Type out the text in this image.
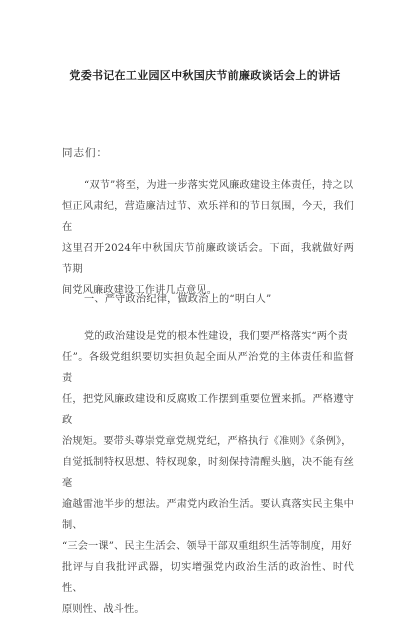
党委书记在工业园区中秋国庆节前廉政谈话会上的讲话
同志们：
“双节”将至，为进一步落实党风廉政建设主体责任，持之以
恒正风肃纪，营造廉洁过节、欢乐祥和的节日氛围，今天，我们在
这里召开2024年中秋国庆节前廉政谈话会。下面，我就做好两节期
间党风廉政建设工作讲几点意见。
一、严守政治纪律，做政治上的“明白人”
党的政治建设是党的根本性建设，我们要严格落实“两个责
任”。各级党组织要切实担负起全面从严治党的主体责任和监督责
任，把党风廉政建设和反腐败工作摆到重要位置来抓。严格遵守政
治规矩。要带头尊崇党章党规党纪，严格执行《准则》《条例》，
自觉抵制特权思想、特权现象，时刻保持清醒头脑，决不能有丝毫
逾越雷池半步的想法。严肃党内政治生活。要认真落实民主集中制、
“三会一课”、民主生活会、领导干部双重组织生活等制度，用好
批评与自我批评武器，切实增强党内政治生活的政治性、时代性、
原则性、战斗性。
